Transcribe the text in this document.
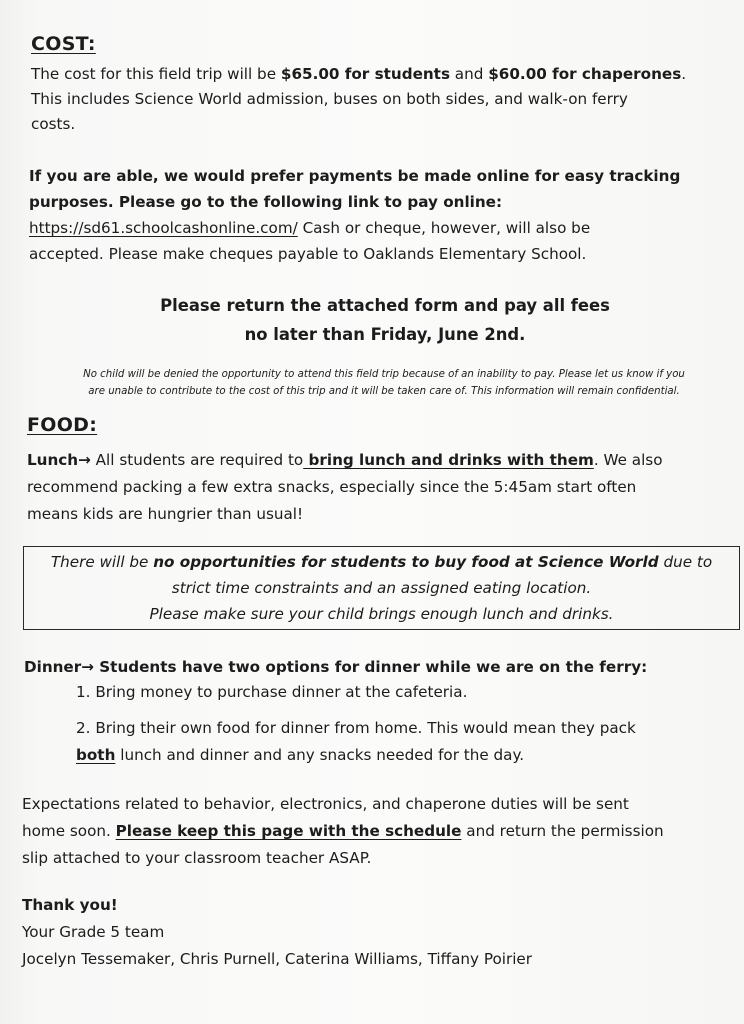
COST:
The cost for this field trip will be $65.00 for students and $60.00 for chaperones.
This includes Science World admission, buses on both sides, and walk-on ferry
costs.
If you are able, we would prefer payments be made online for easy tracking
purposes. Please go to the following link to pay online:
https://sd61.schoolcashonline.com/ Cash or cheque, however, will also be
accepted. Please make cheques payable to Oaklands Elementary School.
Please return the attached form and pay all fees
no later than Friday, June 2nd.
No child will be denied the opportunity to attend this field trip because of an inability to pay. Please let us know if you
are unable to contribute to the cost of this trip and it will be taken care of. This information will remain confidential.
FOOD:
Lunch→ All students are required to bring lunch and drinks with them. We also
recommend packing a few extra snacks, especially since the 5:45am start often
means kids are hungrier than usual!
There will be no opportunities for students to buy food at Science World due to
strict time constraints and an assigned eating location.
Please make sure your child brings enough lunch and drinks.
Dinner→ Students have two options for dinner while we are on the ferry:
1. Bring money to purchase dinner at the cafeteria.
2. Bring their own food for dinner from home. This would mean they pack
both lunch and dinner and any snacks needed for the day.
Expectations related to behavior, electronics, and chaperone duties will be sent
home soon. Please keep this page with the schedule and return the permission
slip attached to your classroom teacher ASAP.
Thank you!
Your Grade 5 team
Jocelyn Tessemaker, Chris Purnell, Caterina Williams, Tiffany Poirier
